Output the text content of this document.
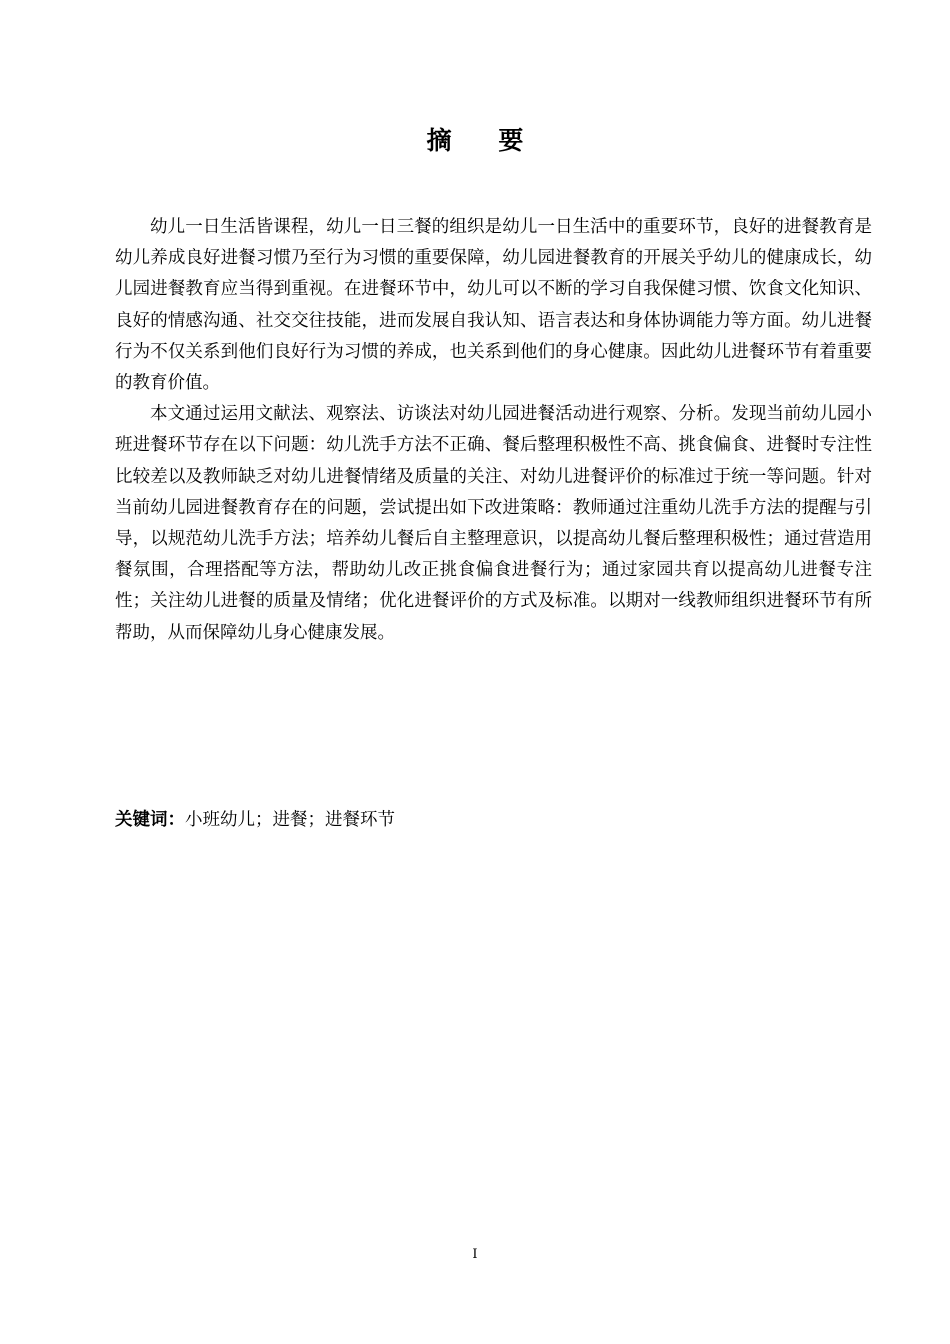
摘 要

幼儿一日生活皆课程，幼儿一日三餐的组织是幼儿一日生活中的重要环节，良好的进餐教育是幼儿养成良好进餐习惯乃至行为习惯的重要保障，幼儿园进餐教育的开展关乎幼儿的健康成长，幼儿园进餐教育应当得到重视。在进餐环节中，幼儿可以不断的学习自我保健习惯、饮食文化知识、良好的情感沟通、社交交往技能，进而发展自我认知、语言表达和身体协调能力等方面。幼儿进餐行为不仅关系到他们良好行为习惯的养成，也关系到他们的身心健康。因此幼儿进餐环节有着重要的教育价值。

本文通过运用文献法、观察法、访谈法对幼儿园进餐活动进行观察、分析。发现当前幼儿园小班进餐环节存在以下问题：幼儿洗手方法不正确、餐后整理积极性不高、挑食偏食、进餐时专注性比较差以及教师缺乏对幼儿进餐情绪及质量的关注、对幼儿进餐评价的标准过于统一等问题。针对当前幼儿园进餐教育存在的问题，尝试提出如下改进策略：教师通过注重幼儿洗手方法的提醒与引导，以规范幼儿洗手方法；培养幼儿餐后自主整理意识，以提高幼儿餐后整理积极性；通过营造用餐氛围，合理搭配等方法，帮助幼儿改正挑食偏食进餐行为；通过家园共育以提高幼儿进餐专注性；关注幼儿进餐的质量及情绪；优化进餐评价的方式及标准。以期对一线教师组织进餐环节有所帮助，从而保障幼儿身心健康发展。

关键词：小班幼儿；进餐；进餐环节
I
